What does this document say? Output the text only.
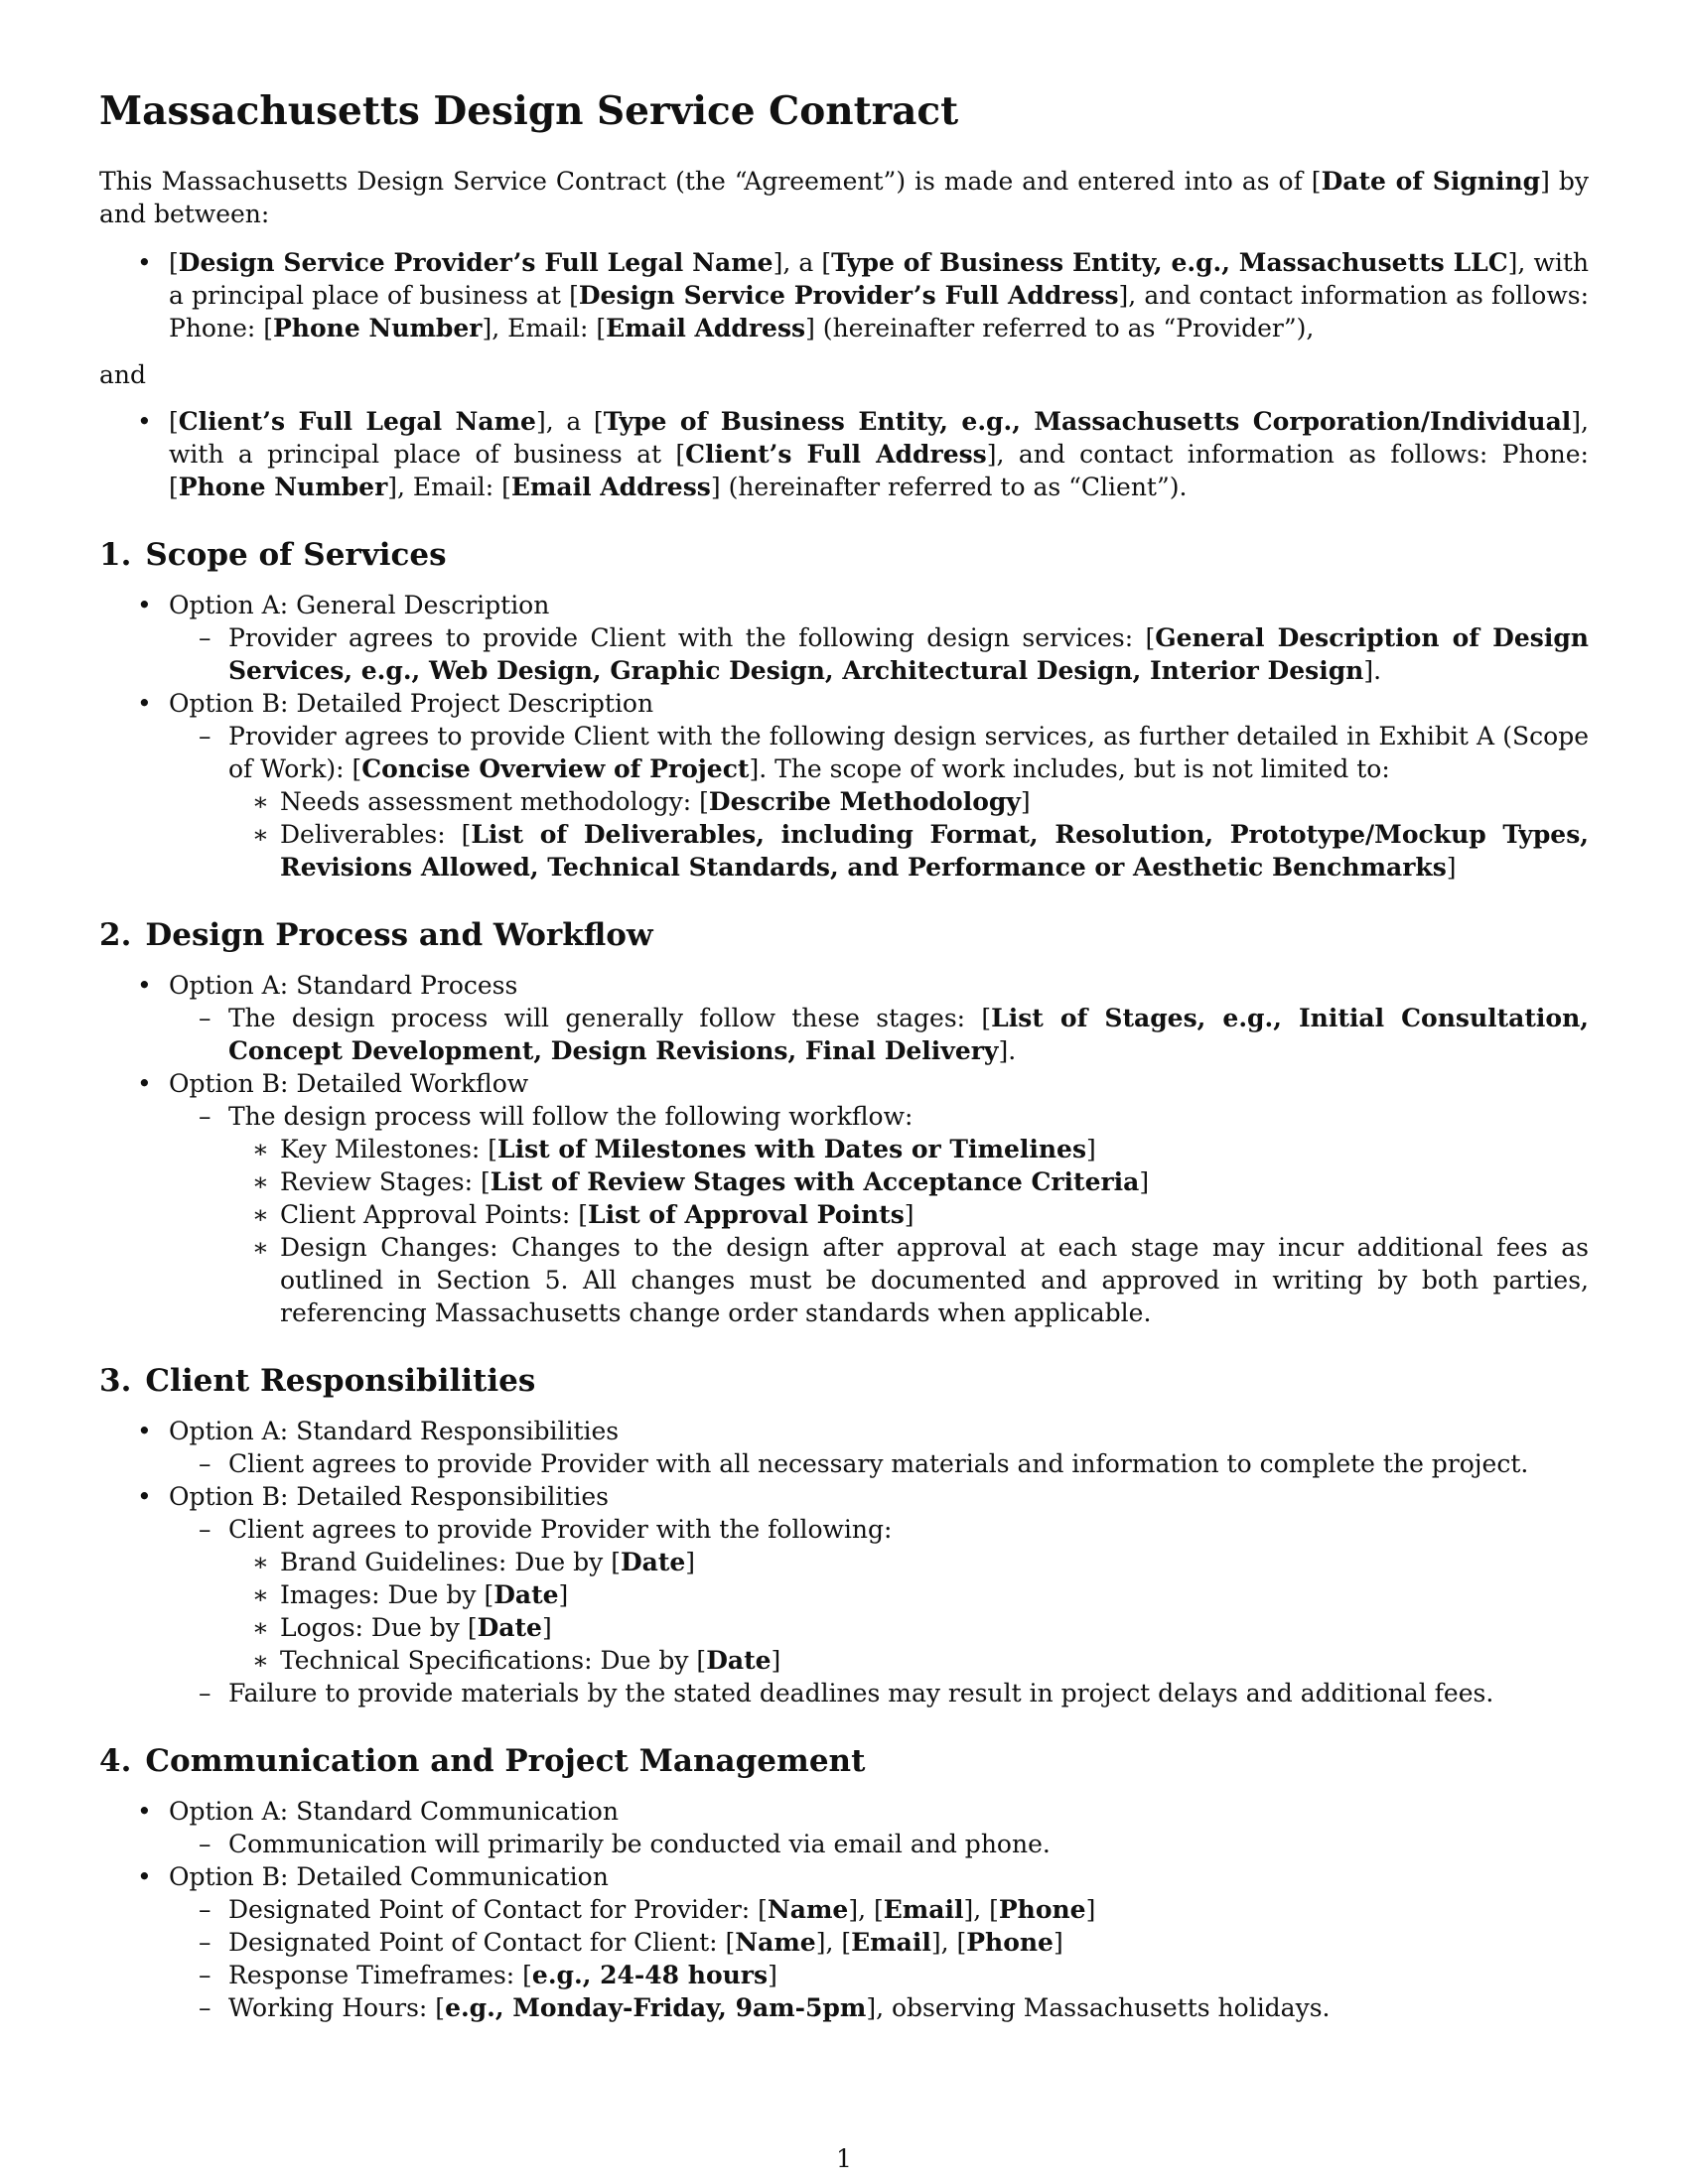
Massachusetts Design Service Contract

This Massachusetts Design Service Contract (the “Agreement”) is made and entered into as of [Date of Signing] by and between:

• [Design Service Provider’s Full Legal Name], a [Type of Business Entity, e.g., Massachusetts LLC], with a principal place of business at [Design Service Provider’s Full Address], and contact information as follows: Phone: [Phone Number], Email: [Email Address] (hereinafter referred to as “Provider”),

and

• [Client’s Full Legal Name], a [Type of Business Entity, e.g., Massachusetts Corporation/Individual], with a principal place of business at [Client’s Full Address], and contact information as follows: Phone: [Phone Number], Email: [Email Address] (hereinafter referred to as “Client”).
1. Scope of Services
• Option A: General Description
– Provider agrees to provide Client with the following design services: [General Description of Design Services, e.g., Web Design, Graphic Design, Architectural Design, Interior Design].
• Option B: Detailed Project Description
– Provider agrees to provide Client with the following design services, as further detailed in Exhibit A (Scope of Work): [Concise Overview of Project]. The scope of work includes, but is not limited to:
∗ Needs assessment methodology: [Describe Methodology]
∗ Deliverables: [List of Deliverables, including Format, Resolution, Prototype/Mockup Types, Revisions Allowed, Technical Standards, and Performance or Aesthetic Benchmarks]
2. Design Process and Workflow
• Option A: Standard Process
– The design process will generally follow these stages: [List of Stages, e.g., Initial Consultation, Concept Development, Design Revisions, Final Delivery].
• Option B: Detailed Workflow
– The design process will follow the following workflow:
∗ Key Milestones: [List of Milestones with Dates or Timelines]
∗ Review Stages: [List of Review Stages with Acceptance Criteria]
∗ Client Approval Points: [List of Approval Points]
∗ Design Changes: Changes to the design after approval at each stage may incur additional fees as outlined in Section 5. All changes must be documented and approved in writing by both parties, referencing Massachusetts change order standards when applicable.
3. Client Responsibilities
• Option A: Standard Responsibilities
– Client agrees to provide Provider with all necessary materials and information to complete the project.
• Option B: Detailed Responsibilities
– Client agrees to provide Provider with the following:
∗ Brand Guidelines: Due by [Date]
∗ Images: Due by [Date]
∗ Logos: Due by [Date]
∗ Technical Specifications: Due by [Date]
– Failure to provide materials by the stated deadlines may result in project delays and additional fees.
4. Communication and Project Management
• Option A: Standard Communication
– Communication will primarily be conducted via email and phone.
• Option B: Detailed Communication
– Designated Point of Contact for Provider: [Name], [Email], [Phone]
– Designated Point of Contact for Client: [Name], [Email], [Phone]
– Response Timeframes: [e.g., 24-48 hours]
– Working Hours: [e.g., Monday-Friday, 9am-5pm], observing Massachusetts holidays.
1
